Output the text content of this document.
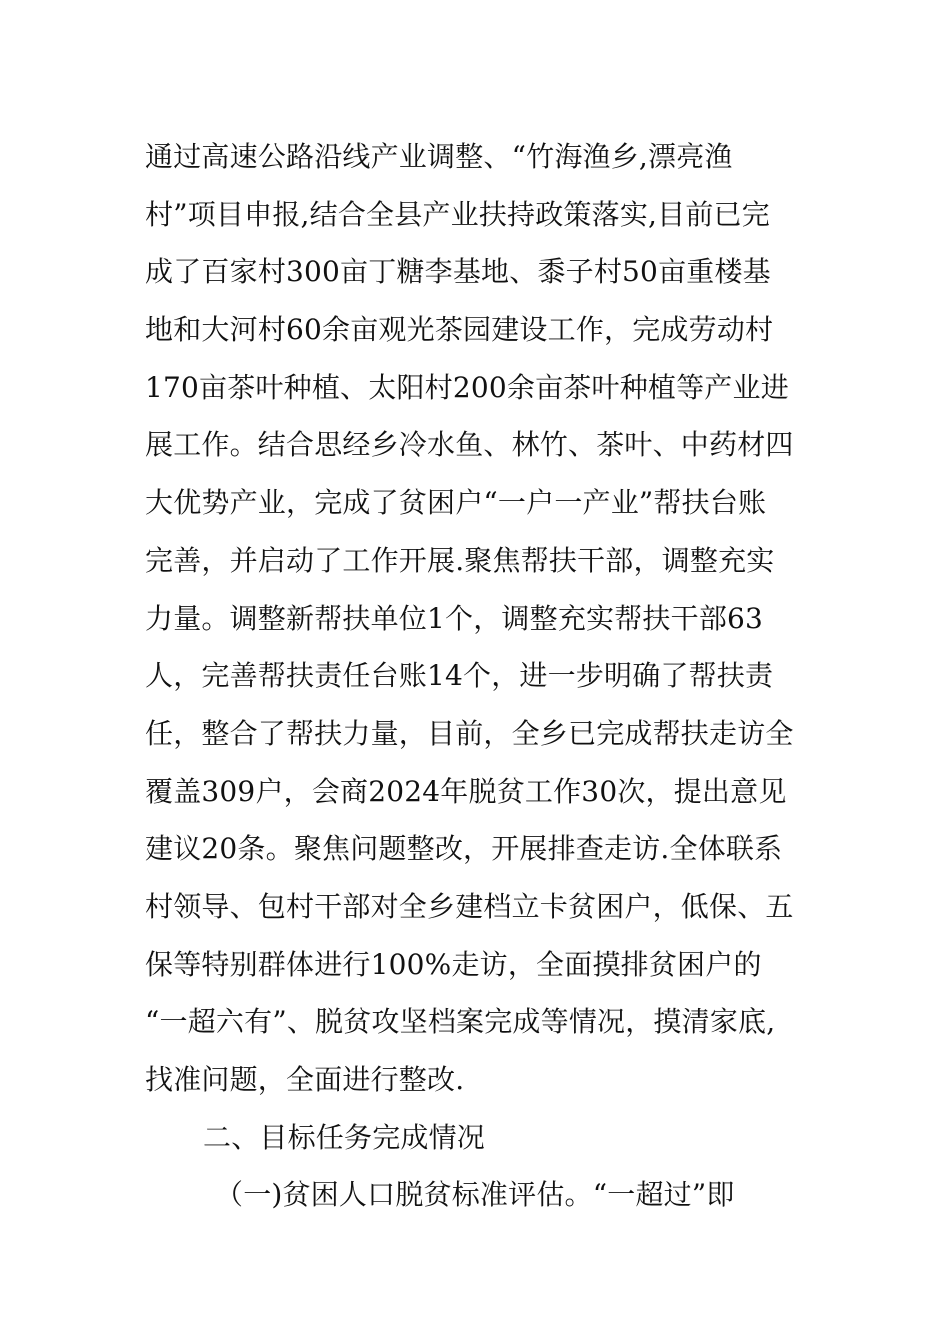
通过高速公路沿线产业调整、“竹海渔乡,漂亮渔
村”项目申报,结合全县产业扶持政策落实,目前已完
成了百家村300亩丁糖李基地、黍子村50亩重楼基
地和大河村60余亩观光茶园建设工作，完成劳动村
170亩茶叶种植、太阳村200余亩茶叶种植等产业进
展工作。结合思经乡冷水鱼、林竹、茶叶、中药材四
大优势产业，完成了贫困户“一户一产业”帮扶台账
完善，并启动了工作开展.聚焦帮扶干部，调整充实
力量。调整新帮扶单位1个，调整充实帮扶干部63
人，完善帮扶责任台账14个，进一步明确了帮扶责
任，整合了帮扶力量，目前，全乡已完成帮扶走访全
覆盖309户，会商2024年脱贫工作30次，提出意见
建议20条。聚焦问题整改，开展排查走访.全体联系
村领导、包村干部对全乡建档立卡贫困户，低保、五
保等特别群体进行100%走访，全面摸排贫困户的
“一超六有”、脱贫攻坚档案完成等情况，摸清家底,
找准问题，全面进行整改.
二、目标任务完成情况
（一)贫困人口脱贫标准评估。“一超过”即
